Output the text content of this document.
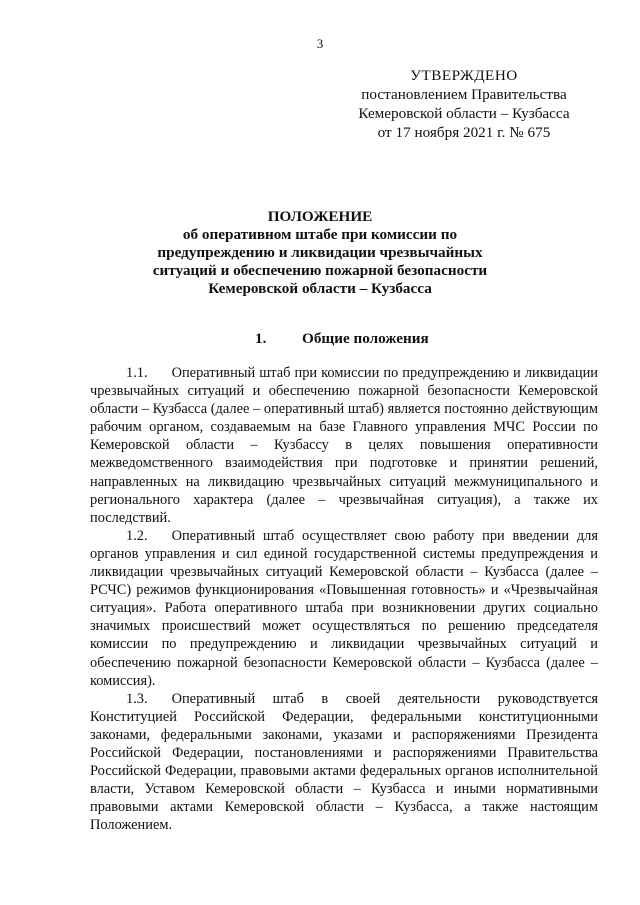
3
УТВЕРЖДЕНО
постановлением Правительства
Кемеровской области – Кузбасса
от 17 ноября 2021 г. № 675
ПОЛОЖЕНИЕ
об оперативном штабе при комиссии по
предупреждению и ликвидации чрезвычайных
ситуаций и обеспечению пожарной безопасности
Кемеровской области – Кузбасса
1. Общие положения

1.1. Оперативный штаб при комиссии по предупреждению и ликвидации чрезвычайных ситуаций и обеспечению пожарной безопасности Кемеровской области – Кузбасса (далее – оперативный штаб) является постоянно действующим рабочим органом, создаваемым на базе Главного управления МЧС России по Кемеровской области – Кузбассу в целях повышения оперативности межведомственного взаимодействия при подготовке и принятии решений, направленных на ликвидацию чрезвычайных ситуаций межмуниципального и регионального характера (далее – чрезвычайная ситуация), а также их последствий.

1.2. Оперативный штаб осуществляет свою работу при введении для органов управления и сил единой государственной системы предупреждения и ликвидации чрезвычайных ситуаций Кемеровской области – Кузбасса (далее – РСЧС) режимов функционирования «Повышенная готовность» и «Чрезвычайная ситуация». Работа оперативного штаба при возникновении других социально значимых происшествий может осуществляться по решению председателя комиссии по предупреждению и ликвидации чрезвычайных ситуаций и обеспечению пожарной безопасности Кемеровской области – Кузбасса (далее – комиссия).

1.3. Оперативный штаб в своей деятельности руководствуется Конституцией Российской Федерации, федеральными конституционными законами, федеральными законами, указами и распоряжениями Президента Российской Федерации, постановлениями и распоряжениями Правительства Российской Федерации, правовыми актами федеральных органов исполнительной власти, Уставом Кемеровской области – Кузбасса и иными нормативными правовыми актами Кемеровской области – Кузбасса, а также настоящим Положением.
